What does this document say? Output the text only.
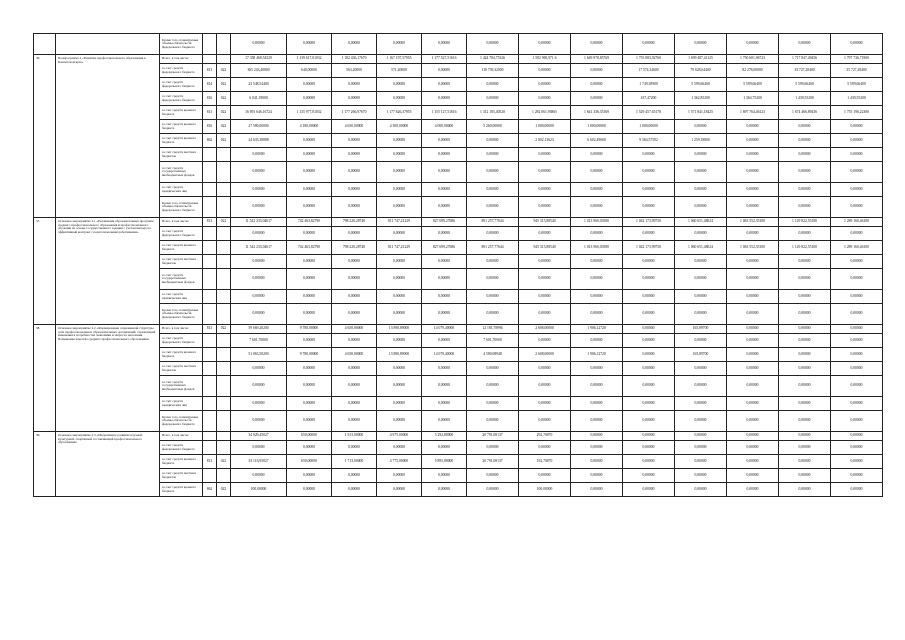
		Кроме того, планируемые объемы обязательств федерального бюджета			0,00000	0,00000	0,00000	0,00000	0,00000	0,00000	0,00000	0,00000	0,00000	0,00000	0,00000	0,00000	0,00000
36.	Подпрограмма 2 «Развитие профессионального образования в Камчатском крае»	Всего, в том числе:			17 358 468,54529	1 139 617,01032	1 182 436,17670	1 167 197,57955	1 177 527,51616	1 424 784,75326	1 582 969,971 6	1 649 978,85769	1 755 883,92760	1 699 487,41125	1 750 601,96723	1 717 847,49456	1 797 736,71900
		за счет средств федерального бюджета	813	022	365 243,40800	640,00000	563,20000	571,20000	0,00000	118 739,32000	0,00000	0,00000	17 574,34600	79 628,64400	82 278,00000	35 727,28400	35 727,28400
		за счет средств федерального бюджета	814	022	23 548,54400	0,00000	0,00000	0,00000	0,00000	0,00000	0,00000	0,00000	1 749,38900	5 599,66400	5 599,66400	5 599,66400	5 599,66400
		за счет средств федерального бюджета	816	022	6 041,19000	0,00000	0,00000	0,00000	0,00000	0,00000	0,00000	0,00000	437,47200	1 362,85200	1 364,75200	1 439,55200	1 439,55200
		за счет средств краевого бюджета	813	022	16 891 646,16724	1 135 977,01032	1 177 266,97670	1 177 626,37955	1 155 127,51616	1 312 105,40520	1 282 061,93865	1 641 336,35169	1 529 457,65178	1 571 841,18425	1 697 764,46123	1 674 466,89436	1 755 196,22300
		за счет средств краевого бюджета	816	022	27 580,00000	4 180,00000	4 650,00000	4 300,00000	4 000,00000	5 260,00000	1 000,00000	1 000,00000	1 000,00000	0,00000	0,00000	0,00000	0,00000
		за счет средств краевого бюджета	862	022	24 633,38888	0,00000	0,00000	0,00000	0,00000	0,00000	2 802,13623	6 602,49600	9 364,57592	1 259,18800	0,00000	0,00000	0,00000
		за счет средств местных бюджетов			0,00000	0,00000	0,00000	0,00000	0,00000	0,00000	0,00000	0,00000	0,00000	0,00000	0,00000	0,00000	0,00000
		за счет средств государственных внебюджетных фондов			0,00000	0,00000	0,00000	0,00000	0,00000	0,00000	0,00000	0,00000	0,00000	0,00000	0,00000	0,00000	0,00000
		за счет средств юридических лиц			0,00000	0,00000	0,00000	0,00000	0,00000	0,00000	0,00000	0,00000	0,00000	0,00000	0,00000	0,00000	0,00000
		Кроме того, планируемые объемы обязательств федерального бюджета			0,00000	0,00000	0,00000	0,00000	0,00000	0,00000	0,00000	0,00000	0,00000	0,00000	0,00000	0,00000	0,00000
37.	Основное мероприятие 2.1 «Реализация образовательных программ среднего профессионального образования и профессионального обучения на основе государственного задания с учетом выхода на эффективный контракт с педагогическими работниками»	Всего, в том числе:	813	022	11 542 233,04617	742 463,82790	798 220,28740	811 747,21229	827 699,27686	891 257,77644	945 315,88540	1 013 960,03580	1 042 173,99750	1 060 651,48024	1 063 552,35100	1 129 822,55100	1 289 160,46100
		за счет средств федерального бюджета			0,00000	0,00000	0,00000	0,00000	0,00000	0,00000	0,00000	0,00000	0,00000	0,00000	0,00000	0,00000	0,00000
		за счет средств краевого бюджета			11 542 233,04617	742 463,82790	798 220,28740	811 747,21229	827 699,27686	891 257,77644	945 315,88540	1 013 960,03580	1 042 173,99750	1 060 651,48024	1 063 552,35100	1 129 822,55100	1 289 160,46100
		за счет средств местных бюджетов			0,00000	0,00000	0,00000	0,00000	0,00000	0,00000	0,00000	0,00000	0,00000	0,00000	0,00000	0,00000	0,00000
		за счет средств государственных внебюджетных фондов			0,00000	0,00000	0,00000	0,00000	0,00000	0,00000	0,00000	0,00000	0,00000	0,00000	0,00000	0,00000	0,00000
		за счет средств юридических лиц			0,00000	0,00000	0,00000	0,00000	0,00000	0,00000	0,00000	0,00000	0,00000	0,00000	0,00000	0,00000	0,00000
		Кроме того, планируемые объемы обязательств федерального бюджета			0,00000	0,00000	0,00000	0,00000	0,00000	0,00000	0,00000	0,00000	0,00000	0,00000	0,00000	0,00000	0,00000
38.	Основное мероприятие 2.2 «Формирование современной структуры сети профессиональных образовательных организаций, отражающей изменения в потребностях экономики и запросах населения. Повышение качества среднего профессионального образования»	Всего, в том числе:	813	022	59 669,20200	9 780,00000	4 650,00000	13 890,89000	14 079,40000	12 181,78996	2 608,00000	1 906,12720	0,00000	165,89700	0,00000	0,00000	0,00000
		за счет средств федерального бюджета			7 601,70000	0,00000	0,00000	0,00000	0,00000	7 601,70000	0,00000	0,00000	0,00000	0,00000	0,00000	0,00000	0,00000
		за счет средств краевого бюджета			51 063,50200	9 780,00000	4 650,00000	13 890,89000	14 079,40000	4 580,08948	2 608,00000	1 906,12720	0,00000	165,89700	0,00000	0,00000	0,00000
		за счет средств местных бюджетов			0,00000	0,00000	0,00000	0,00000	0,00000	0,00000	0,00000	0,00000	0,00000	0,00000	0,00000	0,00000	0,00000
		за счет средств государственных внебюджетных фондов			0,00000	0,00000	0,00000	0,00000	0,00000	0,00000	0,00000	0,00000	0,00000	0,00000	0,00000	0,00000	0,00000
		за счет средств юридических лиц			0,00000	0,00000	0,00000	0,00000	0,00000	0,00000	0,00000	0,00000	0,00000	0,00000	0,00000	0,00000	0,00000
		Кроме того, планируемые объемы обязательств федерального бюджета			0,00000	0,00000	0,00000	0,00000	0,00000	0,00000	0,00000	0,00000	0,00000	0,00000	0,00000	0,00000	0,00000
39.	Основное мероприятие 2.3 «Оперативное развитие научной, культурной, спортивной составляющей профессионального образования»	Всего, в том числе:			34 029,45027	650,00000	1 913,00000	4 975,00000	5 292,80000	20 791,08137	292,70870	0,00000	0,00000	0,00000	0,00000	0,00000	0,00000
		за счет средств федерального бюджета			0,00000	0,00000	0,00000	0,00000	0,00000	0,00000	0,00000	0,00000	0,00000	0,00000	0,00000	0,00000	0,00000
		за счет средств краевого бюджета	813	022	33 116,95027	650,00000	1 713,00000	4 775,00000	5 895,80000	20 791,08137	192,70870	0,00000	0,00000	0,00000	0,00000	0,00000	0,00000
		за счет средств местных бюджетов			0,00000	0,00000	0,00000	0,00000	0,00000	0,00000	0,00000	0,00000	0,00000	0,00000	0,00000	0,00000	0,00000
		за счет средств краевого бюджета	862	022	100,00000	0,00000	0,00000	0,00000	0,00000	0,00000	100,00000	0,00000	0,00000	0,00000	0,00000	0,00000	0,00000
